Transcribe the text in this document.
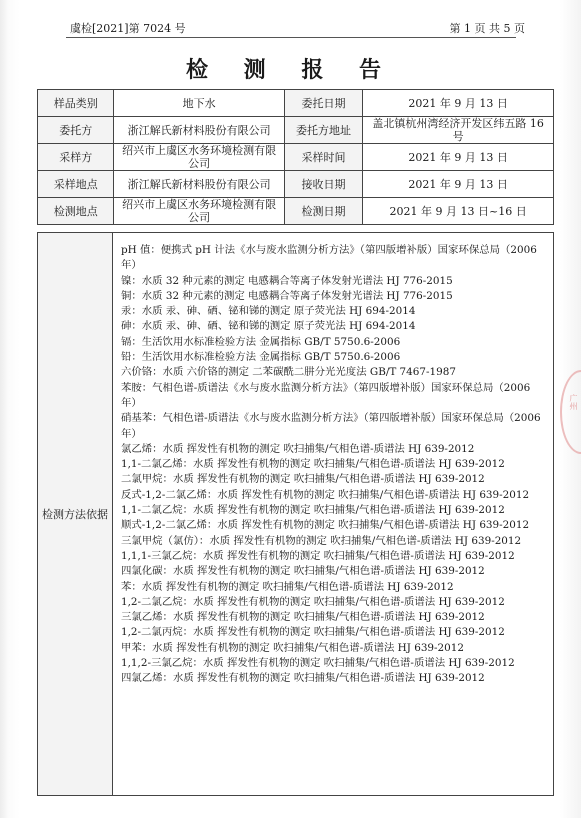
虞检[2021]第 7024 号	第 1 页 共 5 页
检 测 报 告
样品类别	地下水	委托日期	2021 年 9 月 13 日
委托方	浙江解氏新材料股份有限公司	委托方地址	盖北镇杭州湾经济开发区纬五路 16 号
采样方	绍兴市上虞区水务环境检测有限公司	采样时间	2021 年 9 月 13 日
采样地点	浙江解氏新材料股份有限公司	接收日期	2021 年 9 月 13 日
检测地点	绍兴市上虞区水务环境检测有限公司	检测日期	2021 年 9 月 13 日~16 日
检测方法依据
pH 值：便携式 pH 计法《水与废水监测分析方法》（第四版增补版）国家环保总局（2006 年）
镍：水质 32 种元素的测定 电感耦合等离子体发射光谱法 HJ 776-2015
铜：水质 32 种元素的测定 电感耦合等离子体发射光谱法 HJ 776-2015
汞：水质 汞、砷、硒、铋和锑的测定 原子荧光法 HJ 694-2014
砷：水质 汞、砷、硒、铋和锑的测定 原子荧光法 HJ 694-2014
镉：生活饮用水标准检验方法 金属指标 GB/T 5750.6-2006
铅：生活饮用水标准检验方法 金属指标 GB/T 5750.6-2006
六价铬：水质 六价铬的测定 二苯碳酰二肼分光光度法 GB/T 7467-1987
苯胺：气相色谱-质谱法《水与废水监测分析方法》（第四版增补版）国家环保总局（2006 年）
硝基苯：气相色谱-质谱法《水与废水监测分析方法》（第四版增补版）国家环保总局（2006 年）
氯乙烯：水质 挥发性有机物的测定 吹扫捕集/气相色谱-质谱法 HJ 639-2012
1,1-二氯乙烯：水质 挥发性有机物的测定 吹扫捕集/气相色谱-质谱法 HJ 639-2012
二氯甲烷：水质 挥发性有机物的测定 吹扫捕集/气相色谱-质谱法 HJ 639-2012
反式-1,2-二氯乙烯：水质 挥发性有机物的测定 吹扫捕集/气相色谱-质谱法 HJ 639-2012
1,1-二氯乙烷：水质 挥发性有机物的测定 吹扫捕集/气相色谱-质谱法 HJ 639-2012
顺式-1,2-二氯乙烯：水质 挥发性有机物的测定 吹扫捕集/气相色谱-质谱法 HJ 639-2012
三氯甲烷（氯仿）：水质 挥发性有机物的测定 吹扫捕集/气相色谱-质谱法 HJ 639-2012
1,1,1-三氯乙烷：水质 挥发性有机物的测定 吹扫捕集/气相色谱-质谱法 HJ 639-2012
四氯化碳：水质 挥发性有机物的测定 吹扫捕集/气相色谱-质谱法 HJ 639-2012
苯：水质 挥发性有机物的测定 吹扫捕集/气相色谱-质谱法 HJ 639-2012
1,2-二氯乙烷：水质 挥发性有机物的测定 吹扫捕集/气相色谱-质谱法 HJ 639-2012
三氯乙烯：水质 挥发性有机物的测定 吹扫捕集/气相色谱-质谱法 HJ 639-2012
1,2-二氯丙烷：水质 挥发性有机物的测定 吹扫捕集/气相色谱-质谱法 HJ 639-2012
甲苯：水质 挥发性有机物的测定 吹扫捕集/气相色谱-质谱法 HJ 639-2012
1,1,2-三氯乙烷：水质 挥发性有机物的测定 吹扫捕集/气相色谱-质谱法 HJ 639-2012
四氯乙烯：水质 挥发性有机物的测定 吹扫捕集/气相色谱-质谱法 HJ 639-2012
广州
